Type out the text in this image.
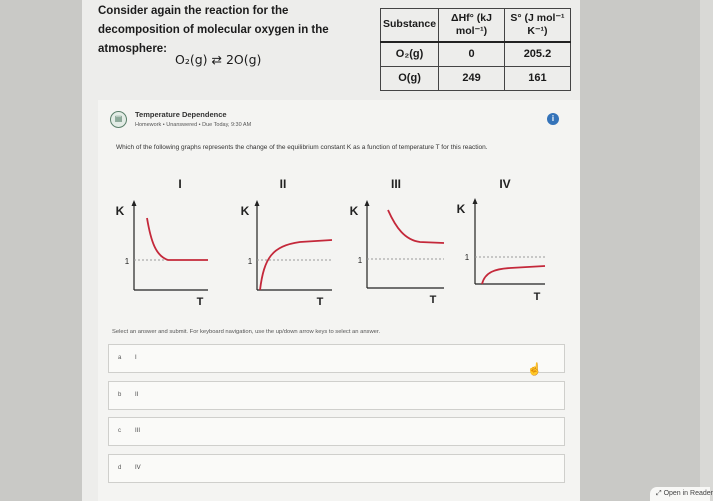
Consider again the reaction for the decomposition of molecular oxygen in the atmosphere:
O₂(g) ⇄ 2O(g)
Substance	ΔHf° (kJ mol⁻¹)	S° (J mol⁻¹ K⁻¹)
O₂(g)	0	205.2
O(g)	249	161
▤	Temperature Dependence
Homework • Unanswered • Due Today, 9:30 AM
i
Which of the following graphs represents the change of the equilibrium constant K as a function of temperature T for this reaction.
I
K
1
T
II
K
1
T
III
K
1
T
IV
K
1
T
Select an answer and submit. For keyboard navigation, use the up/down arrow keys to select an answer.
a I
b II
c III
d IV
☝
⤢ Open in Reader
